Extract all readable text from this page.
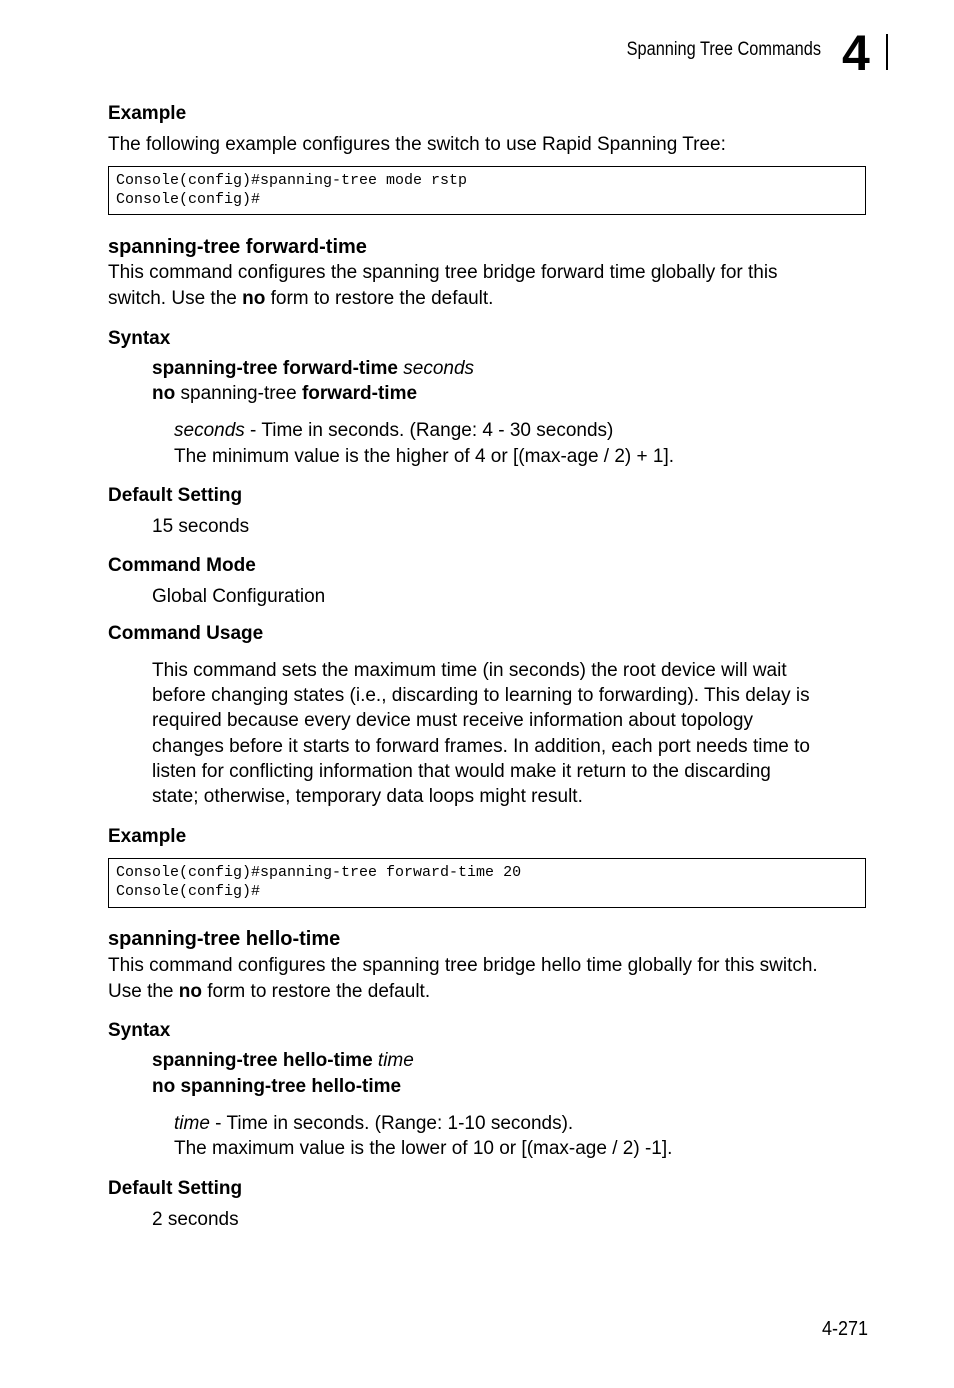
Spanning Tree Commands 4
Example
The following example configures the switch to use Rapid Spanning Tree:
Console(config)#spanning-tree mode rstp
Console(config)#
spanning-tree forward-time
This command configures the spanning tree bridge forward time globally for this
switch. Use the no form to restore the default.
Syntax
spanning-tree forward-time seconds
no spanning-tree forward-time
seconds - Time in seconds. (Range: 4 - 30 seconds)
The minimum value is the higher of 4 or [(max-age / 2) + 1].
Default Setting
15 seconds
Command Mode
Global Configuration
Command Usage
This command sets the maximum time (in seconds) the root device will wait
before changing states (i.e., discarding to learning to forwarding). This delay is
required because every device must receive information about topology
changes before it starts to forward frames. In addition, each port needs time to
listen for conflicting information that would make it return to the discarding
state; otherwise, temporary data loops might result.
Example
Console(config)#spanning-tree forward-time 20
Console(config)#
spanning-tree hello-time
This command configures the spanning tree bridge hello time globally for this switch.
Use the no form to restore the default.
Syntax
spanning-tree hello-time time
no spanning-tree hello-time
time - Time in seconds. (Range: 1-10 seconds).
The maximum value is the lower of 10 or [(max-age / 2) -1].
Default Setting
2 seconds
4-271
